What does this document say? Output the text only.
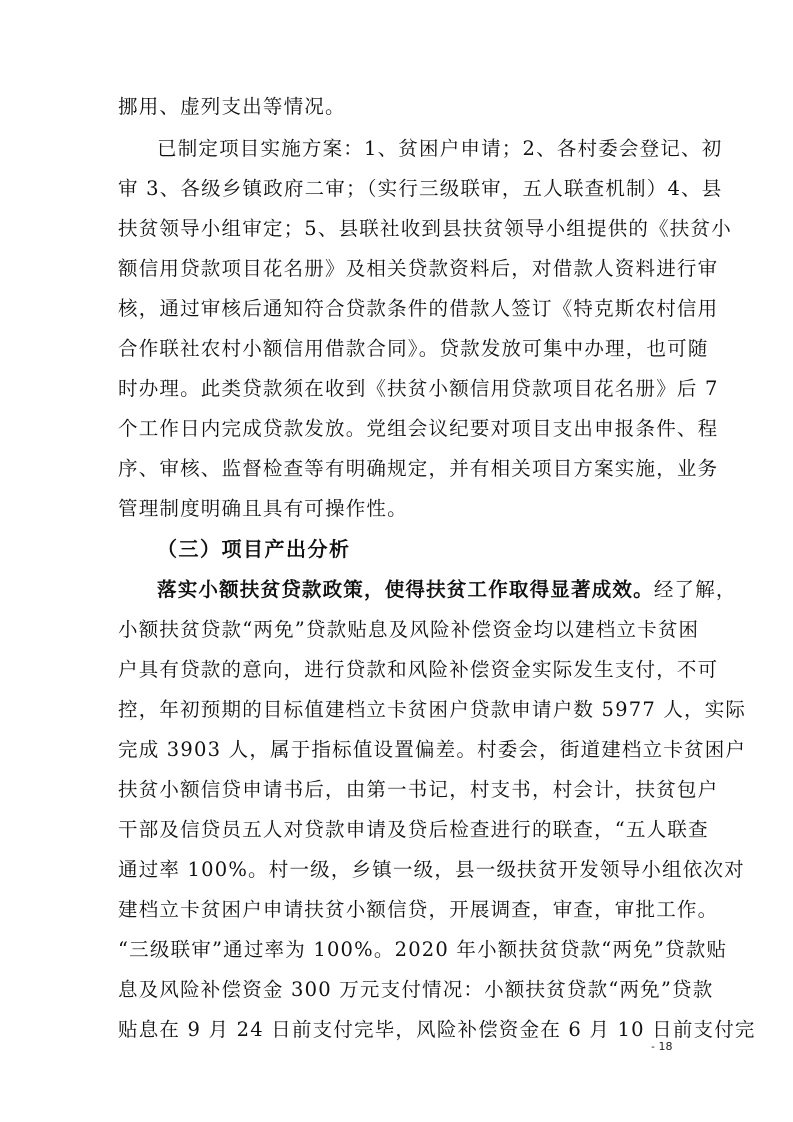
挪用、虚列支出等情况。
已制定项目实施方案：1、贫困户申请；2、各村委会登记、初
审 3、各级乡镇政府二审；（实行三级联审，五人联查机制）4、县
扶贫领导小组审定；5、县联社收到县扶贫领导小组提供的《扶贫小
额信用贷款项目花名册》及相关贷款资料后，对借款人资料进行审
核，通过审核后通知符合贷款条件的借款人签订《特克斯农村信用
合作联社农村小额信用借款合同》。贷款发放可集中办理，也可随
时办理。此类贷款须在收到《扶贫小额信用贷款项目花名册》后 7
个工作日内完成贷款发放。党组会议纪要对项目支出申报条件、程
序、审核、监督检查等有明确规定，并有相关项目方案实施，业务
管理制度明确且具有可操作性。
（三）项目产出分析
落实小额扶贫贷款政策，使得扶贫工作取得显著成效。经了解，
小额扶贫贷款“两免”贷款贴息及风险补偿资金均以建档立卡贫困
户具有贷款的意向，进行贷款和风险补偿资金实际发生支付，不可
控，年初预期的目标值建档立卡贫困户贷款申请户数 5977 人，实际
完成 3903 人，属于指标值设置偏差。村委会，街道建档立卡贫困户
扶贫小额信贷申请书后，由第一书记，村支书，村会计，扶贫包户
干部及信贷员五人对贷款申请及贷后检查进行的联查，“五人联查
通过率 100%。村一级，乡镇一级，县一级扶贫开发领导小组依次对
建档立卡贫困户申请扶贫小额信贷，开展调查，审查，审批工作。
“三级联审”通过率为 100%。2020 年小额扶贫贷款“两免”贷款贴
息及风险补偿资金 300 万元支付情况：小额扶贫贷款“两免”贷款
贴息在 9 月 24 日前支付完毕，风险补偿资金在 6 月 10 日前支付完
- 18
